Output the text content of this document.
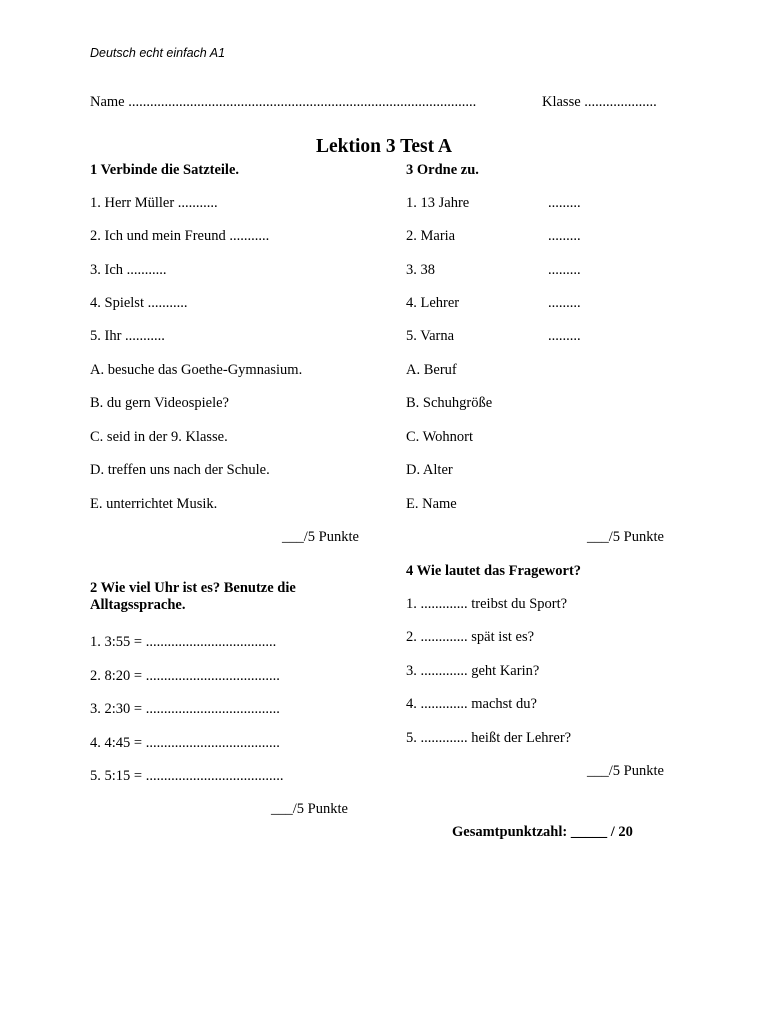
Deutsch echt einfach A1
Name ................................................................................................	Klasse ....................
Lektion 3 Test A
1 Verbinde die Satzteile.
1. Herr Müller ...........
2. Ich und mein Freund ...........
3. Ich ...........
4. Spielst ...........
5. Ihr ...........
A. besuche das Goethe-Gymnasium.
B. du gern Videospiele?
C. seid in der 9. Klasse.
D. treffen uns nach der Schule.
E. unterrichtet Musik.
___/5 Punkte
2 Wie viel Uhr ist es? Benutze die Alltagssprache.
1. 3:55 = ....................................
2. 8:20 = .....................................
3. 2:30 = .....................................
4. 4:45 = .....................................
5. 5:15 = ......................................
___/5 Punkte
3 Ordne zu.
1. 13 Jahre	.........
2. Maria	.........
3. 38	.........
4. Lehrer	.........
5. Varna	.........
A. Beruf
B. Schuhgröße
C. Wohnort
D. Alter
E. Name
___/5 Punkte
4 Wie lautet das Fragewort?
1. ............. treibst du Sport?
2. ............. spät ist es?
3. ............. geht Karin?
4. ............. machst du?
5. ............. heißt der Lehrer?
___/5 Punkte
Gesamtpunktzahl: _____ / 20
